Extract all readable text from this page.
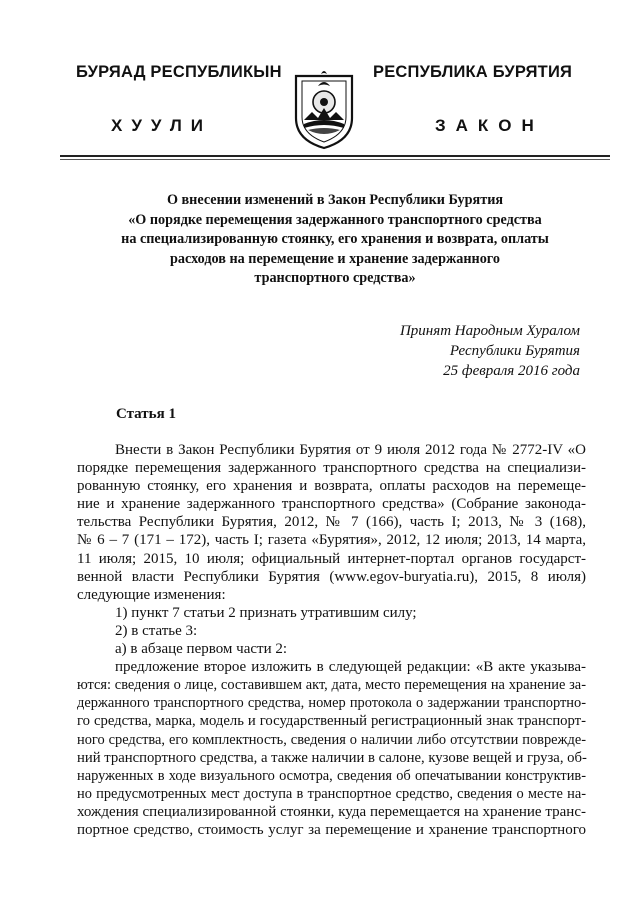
БУРЯАД РЕСПУБЛИКЫН	РЕСПУБЛИКА БУРЯТИЯ
ХУУЛИ	ЗАКОН
О внесении изменений в Закон Республики Бурятия
«О порядке перемещения задержанного транспортного средства
на специализированную стоянку, его хранения и возврата, оплаты
расходов на перемещение и хранение задержанного
транспортного средства»
Принят Народным Хуралом
Республики Бурятия
25 февраля 2016 года
Статья 1
Внести в Закон Республики Бурятия от 9 июля 2012 года № 2772-IV «О
порядке перемещения задержанного транспортного средства на специализи-
рованную стоянку, его хранения и возврата, оплаты расходов на перемеще-
ние и хранение задержанного транспортного средства» (Собрание законода-
тельства Республики Бурятия, 2012, № 7 (166), часть I; 2013, № 3 (168),
№ 6 – 7 (171 – 172), часть I; газета «Бурятия», 2012, 12 июля; 2013, 14 марта,
11 июля; 2015, 10 июля; официальный интернет-портал органов государст-
венной власти Республики Бурятия (www.egov-buryatia.ru), 2015, 8 июля)
следующие изменения:
1) пункт 7 статьи 2 признать утратившим силу;
2) в статье 3:
а) в абзаце первом части 2:
предложение второе изложить в следующей редакции: «В акте указыва-
ются: сведения о лице, составившем акт, дата, место перемещения на хранение за-
держанного транспортного средства, номер протокола о задержании транспортно-
го средства, марка, модель и государственный регистрационный знак транспорт-
ного средства, его комплектность, сведения о наличии либо отсутствии поврежде-
ний транспортного средства, а также наличии в салоне, кузове вещей и груза, об-
наруженных в ходе визуального осмотра, сведения об опечатывании конструктив-
но предусмотренных мест доступа в транспортное средство, сведения о месте на-
хождения специализированной стоянки, куда перемещается на хранение транс-
портное средство, стоимость услуг за перемещение и хранение транспортного
